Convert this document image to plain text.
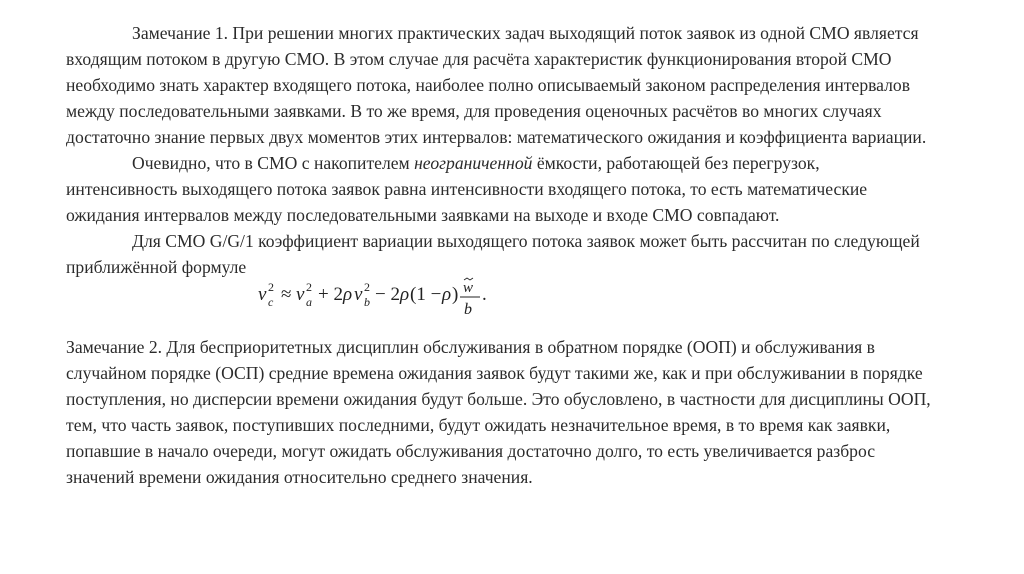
Замечание 1. При решении многих практических задач выходящий поток заявок из одной СМО является
входящим потоком в другую СМО. В этом случае для расчёта характеристик функционирования второй СМО
необходимо знать характер входящего потока, наиболее полно описываемый законом распределения интервалов
между последовательными заявками. В то же время, для проведения оценочных расчётов во многих случаях
достаточно знание первых двух моментов этих интервалов: математического ожидания и коэффициента вариации.
Очевидно, что в СМО с накопителем неограниченной ёмкости, работающей без перегрузок,
интенсивность выходящего потока заявок равна интенсивности входящего потока, то есть математические
ожидания интервалов между последовательными заявками на выходе и входе СМО совпадают.
Для СМО G/G/1 коэффициент вариации выходящего потока заявок может быть рассчитан по следующей
приближённой формуле
ν 2
c ≈ ν 2
a + 2 ρ ν 2
b − 2 ρ (1 − ρ ) w
b
.
Замечание 2. Для бесприоритетных дисциплин обслуживания в обратном порядке (ООП) и обслуживания в
случайном порядке (ОСП) средние времена ожидания заявок будут такими же, как и при обслуживании в порядке
поступления, но дисперсии времени ожидания будут больше. Это обусловлено, в частности для дисциплины ООП,
тем, что часть заявок, поступивших последними, будут ожидать незначительное время, в то время как заявки,
попавшие в начало очереди, могут ожидать обслуживания достаточно долго, то есть увеличивается разброс
значений времени ожидания относительно среднего значения.
